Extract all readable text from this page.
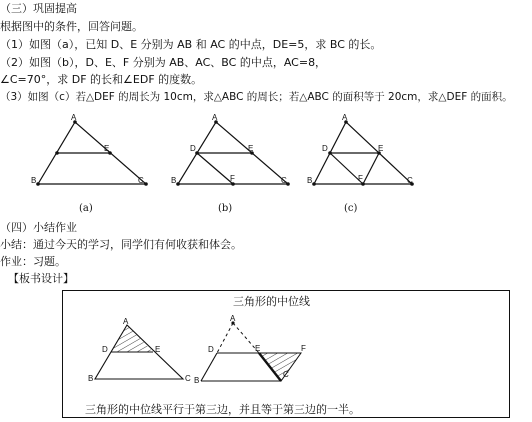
（三）巩固提高
根据图中的条件，回答问题。
（1）如图（a），已知 D、E 分别为 AB 和 AC 的中点，DE=5，求 BC 的长。
（2）如图（b），D、E、F 分别为 AB、AC、BC 的中点，AC=8，
∠C=70°，求 DF 的长和∠EDF 的度数。
（3）如图（c）若△DEF 的周长为 10cm，求△ABC 的周长；若△ABC 的面积等于 20cm，求△DEF 的面积。
A
B	C
E
(a)
A
D	E
B	F	C
(b)
A
D	E
B	F	C
(c)
（四）小结作业
小结：通过今天的学习，同学们有何收获和体会。
作业：习题。
【板书设计】
三角形的中位线
A
D	E
B	C
A
D	E	F
B
C
三角形的中位线平行于第三边，并且等于第三边的一半。
